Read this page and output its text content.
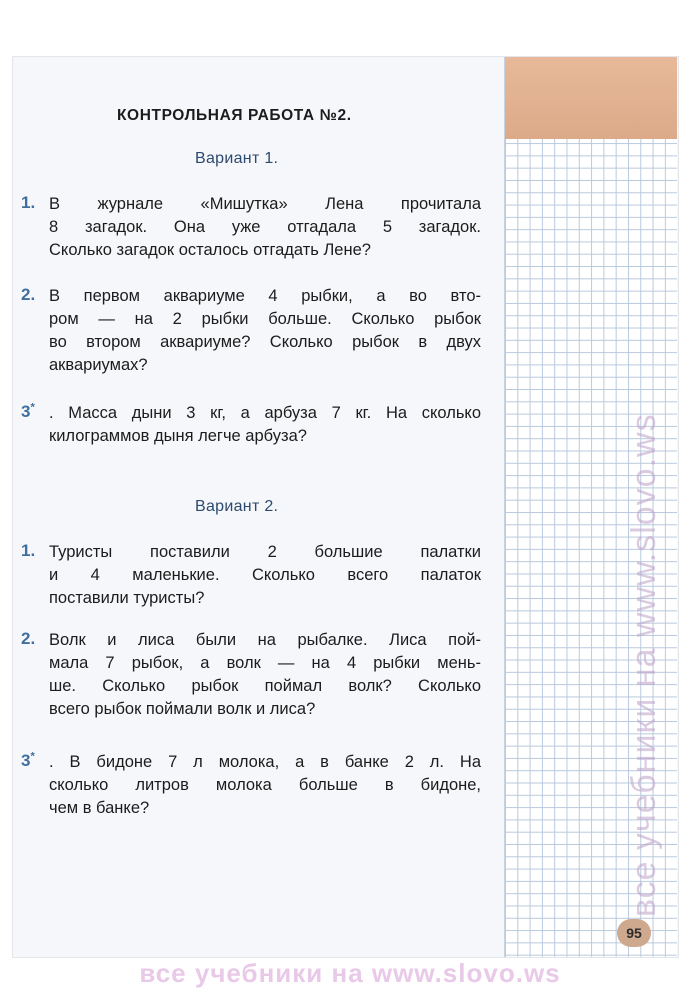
КОНТРОЛЬНАЯ РАБОТА №2.
Вариант 1.
1. В журнале «Мишутка» Лена прочитала
8 загадок. Она уже отгадала 5 загадок.
Сколько загадок осталось отгадать Лене?
2. В первом аквариуме 4 рыбки, а во вто-
ром — на 2 рыбки больше. Сколько рыбок
во втором аквариуме? Сколько рыбок в двух
аквариумах?
3* . Масса дыни 3 кг, а арбуза 7 кг. На сколько
килограммов дыня легче арбуза?
Вариант 2.
1. Туристы поставили 2 большие палатки
и 4 маленькие. Сколько всего палаток
поставили туристы?
2. Волк и лиса были на рыбалке. Лиса пой-
мала 7 рыбок, а волк — на 4 рыбки мень-
ше. Сколько рыбок поймал волк? Сколько
всего рыбок поймали волк и лиса?
3* . В бидоне 7 л молока, а в банке 2 л. На
сколько литров молока больше в бидоне,
чем в банке?	все учебники на www.slovo.ws
95
все учебники на www.slovo.ws
